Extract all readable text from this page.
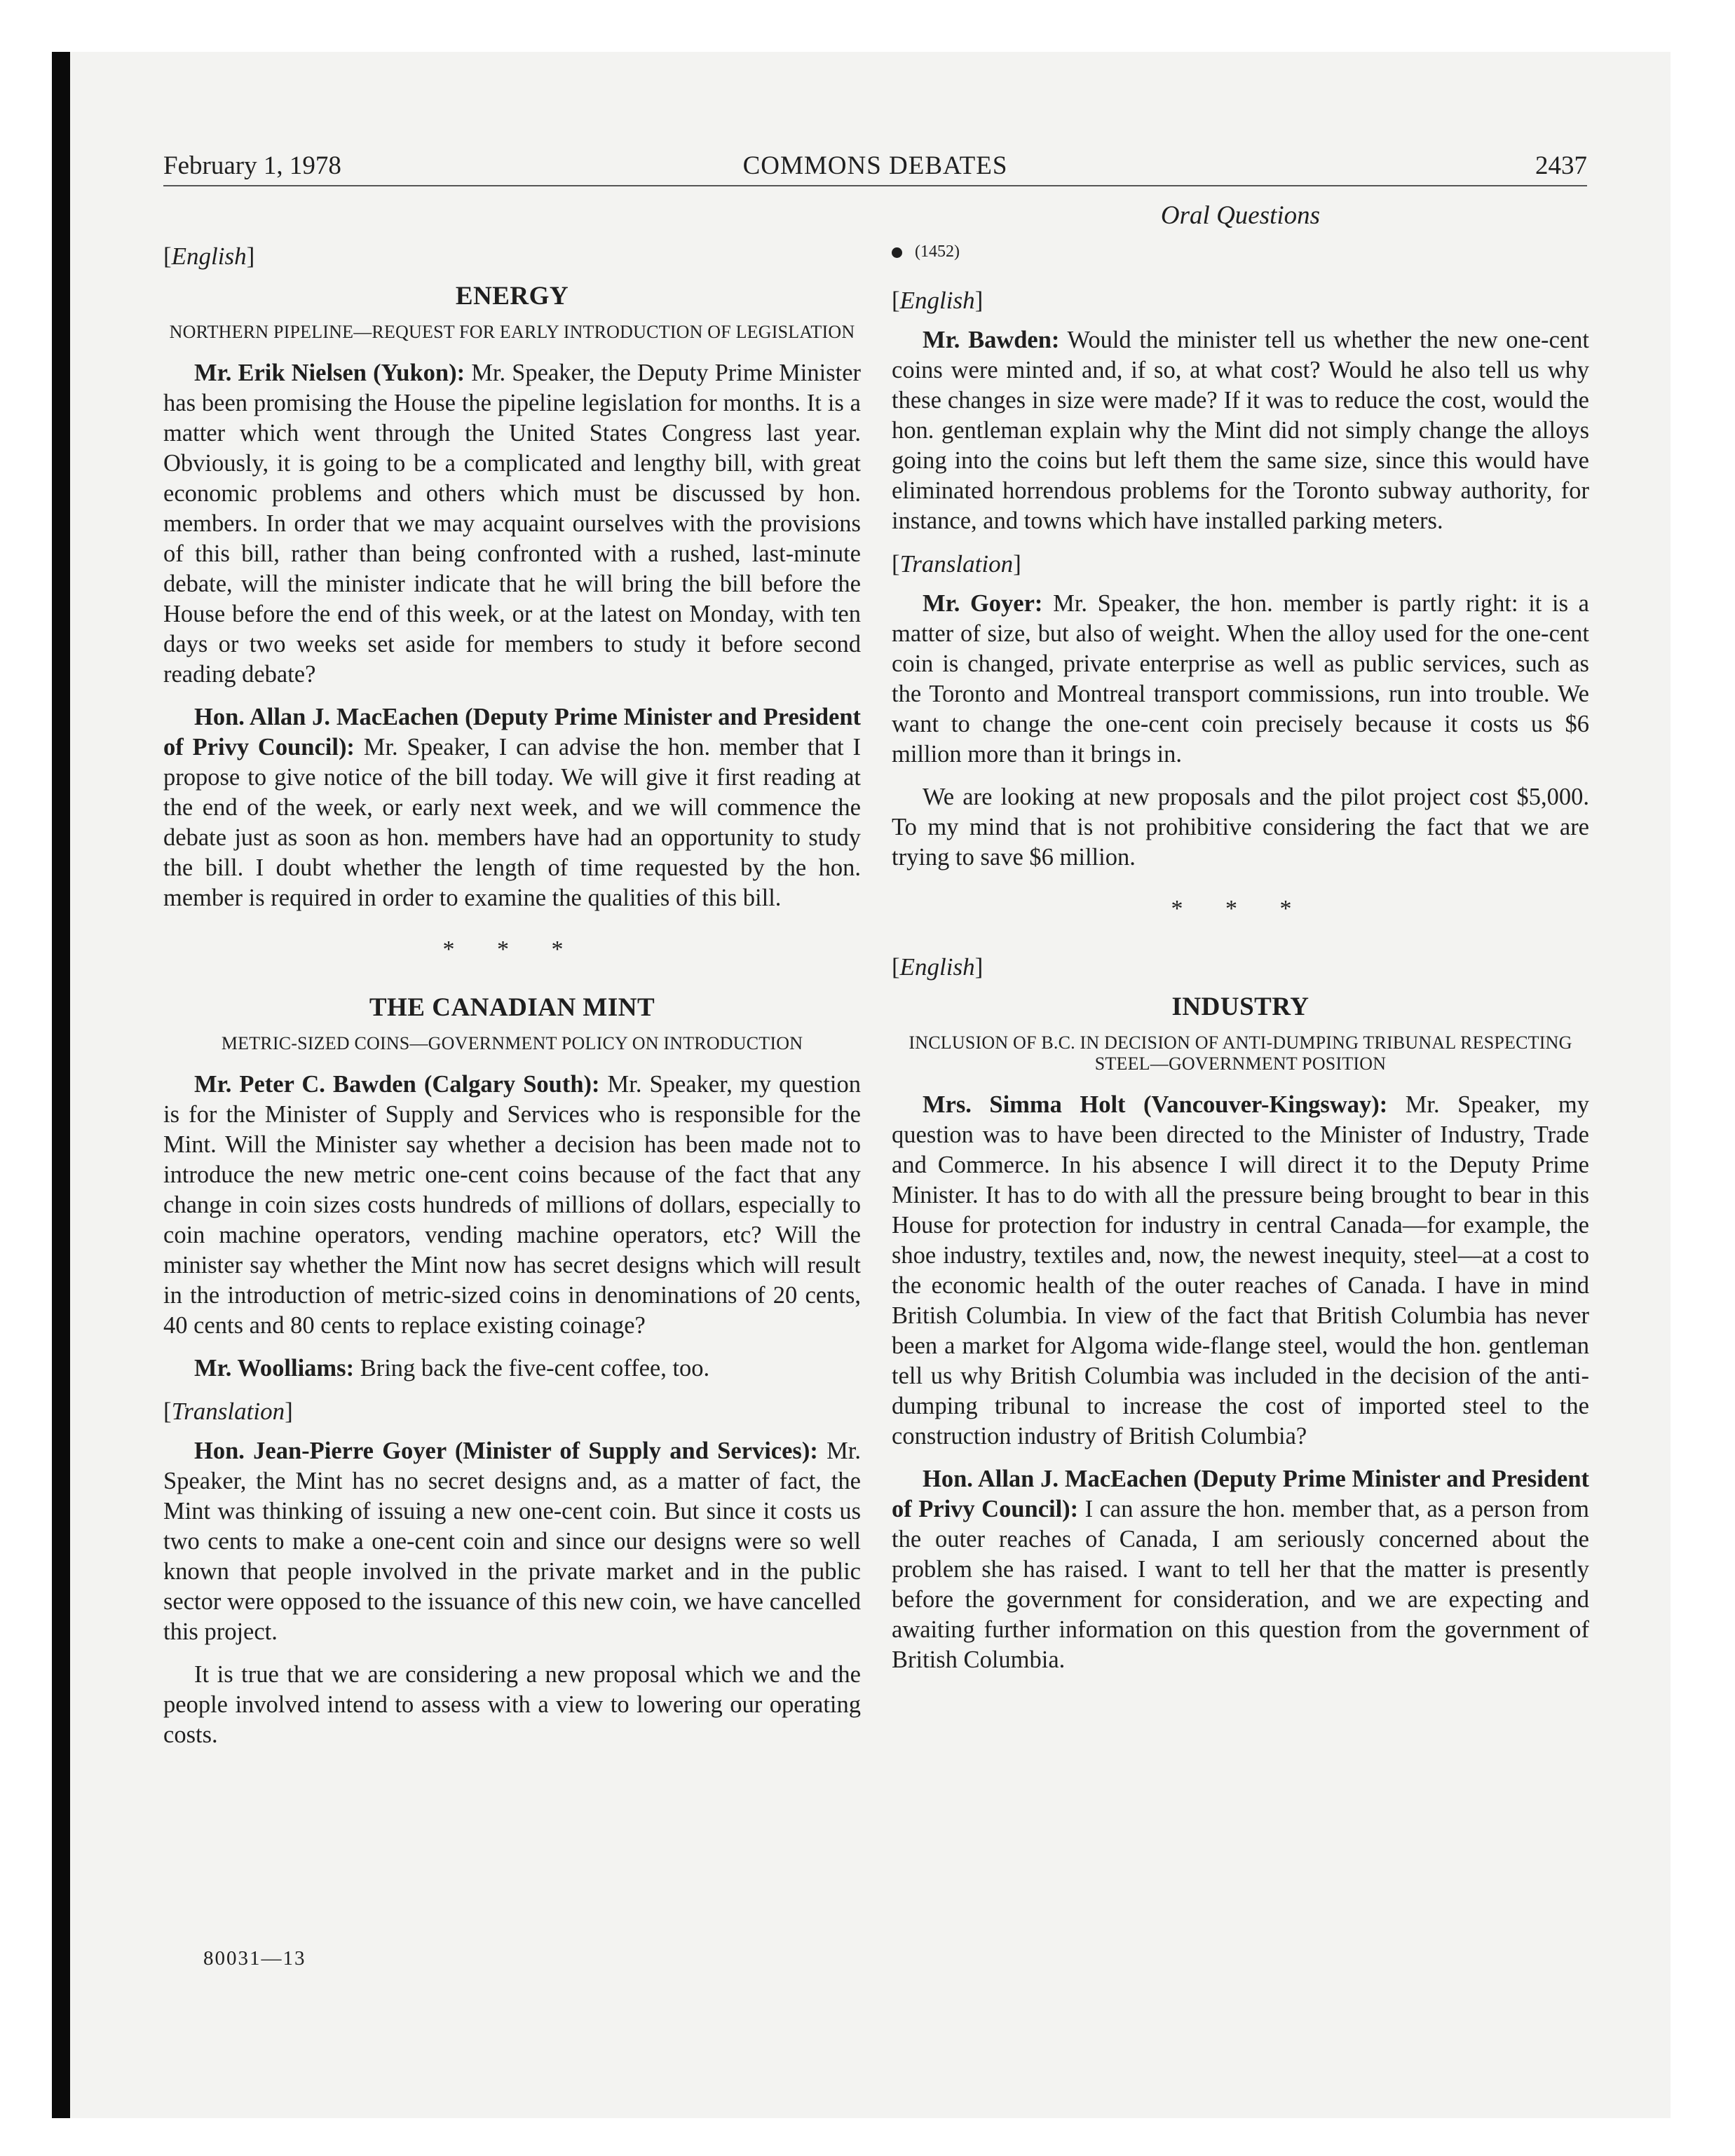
February 1, 1978	COMMONS DEBATES	2437
[English]
ENERGY
NORTHERN PIPELINE—REQUEST FOR EARLY INTRODUCTION OF LEGISLATION

Mr. Erik Nielsen (Yukon): Mr. Speaker, the Deputy Prime Minister has been promising the House the pipeline legislation for months. It is a matter which went through the United States Congress last year. Obviously, it is going to be a complicated and lengthy bill, with great economic problems and others which must be discussed by hon. members. In order that we may acquaint ourselves with the provisions of this bill, rather than being confronted with a rushed, last-minute debate, will the minister indicate that he will bring the bill before the House before the end of this week, or at the latest on Monday, with ten days or two weeks set aside for members to study it before second reading debate?

Hon. Allan J. MacEachen (Deputy Prime Minister and President of Privy Council): Mr. Speaker, I can advise the hon. member that I propose to give notice of the bill today. We will give it first reading at the end of the week, or early next week, and we will commence the debate just as soon as hon. members have had an opportunity to study the bill. I doubt whether the length of time requested by the hon. member is required in order to examine the qualities of this bill.

* * *
THE CANADIAN MINT
METRIC-SIZED COINS—GOVERNMENT POLICY ON INTRODUCTION

Mr. Peter C. Bawden (Calgary South): Mr. Speaker, my question is for the Minister of Supply and Services who is responsible for the Mint. Will the Minister say whether a decision has been made not to introduce the new metric one-cent coins because of the fact that any change in coin sizes costs hundreds of millions of dollars, especially to coin machine operators, vending machine operators, etc? Will the minister say whether the Mint now has secret designs which will result in the introduction of metric-sized coins in denominations of 20 cents, 40 cents and 80 cents to replace existing coinage?

Mr. Woolliams: Bring back the five-cent coffee, too.

[Translation]

Hon. Jean-Pierre Goyer (Minister of Supply and Services): Mr. Speaker, the Mint has no secret designs and, as a matter of fact, the Mint was thinking of issuing a new one-cent coin. But since it costs us two cents to make a one-cent coin and since our designs were so well known that people involved in the private market and in the public sector were opposed to the issuance of this new coin, we have cancelled this project.

It is true that we are considering a new proposal which we and the people involved intend to assess with a view to lowering our operating costs.

Oral Questions
(1452)
[English]

Mr. Bawden: Would the minister tell us whether the new one-cent coins were minted and, if so, at what cost? Would he also tell us why these changes in size were made? If it was to reduce the cost, would the hon. gentleman explain why the Mint did not simply change the alloys going into the coins but left them the same size, since this would have eliminated horrendous problems for the Toronto subway authority, for instance, and towns which have installed parking meters.

[Translation]

Mr. Goyer: Mr. Speaker, the hon. member is partly right: it is a matter of size, but also of weight. When the alloy used for the one-cent coin is changed, private enterprise as well as public services, such as the Toronto and Montreal transport commissions, run into trouble. We want to change the one-cent coin precisely because it costs us $6 million more than it brings in.

We are looking at new proposals and the pilot project cost $5,000. To my mind that is not prohibitive considering the fact that we are trying to save $6 million.

* * *
[English]
INDUSTRY
INCLUSION OF B.C. IN DECISION OF ANTI-DUMPING TRIBUNAL RESPECTING STEEL—GOVERNMENT POSITION

Mrs. Simma Holt (Vancouver-Kingsway): Mr. Speaker, my question was to have been directed to the Minister of Industry, Trade and Commerce. In his absence I will direct it to the Deputy Prime Minister. It has to do with all the pressure being brought to bear in this House for protection for industry in central Canada—for example, the shoe industry, textiles and, now, the newest inequity, steel—at a cost to the economic health of the outer reaches of Canada. I have in mind British Columbia. In view of the fact that British Columbia has never been a market for Algoma wide-flange steel, would the hon. gentleman tell us why British Columbia was included in the decision of the anti-dumping tribunal to increase the cost of imported steel to the construction industry of British Columbia?

Hon. Allan J. MacEachen (Deputy Prime Minister and President of Privy Council): I can assure the hon. member that, as a person from the outer reaches of Canada, I am seriously concerned about the problem she has raised. I want to tell her that the matter is presently before the government for consideration, and we are expecting and awaiting further information on this question from the government of British Columbia.

80031—13
